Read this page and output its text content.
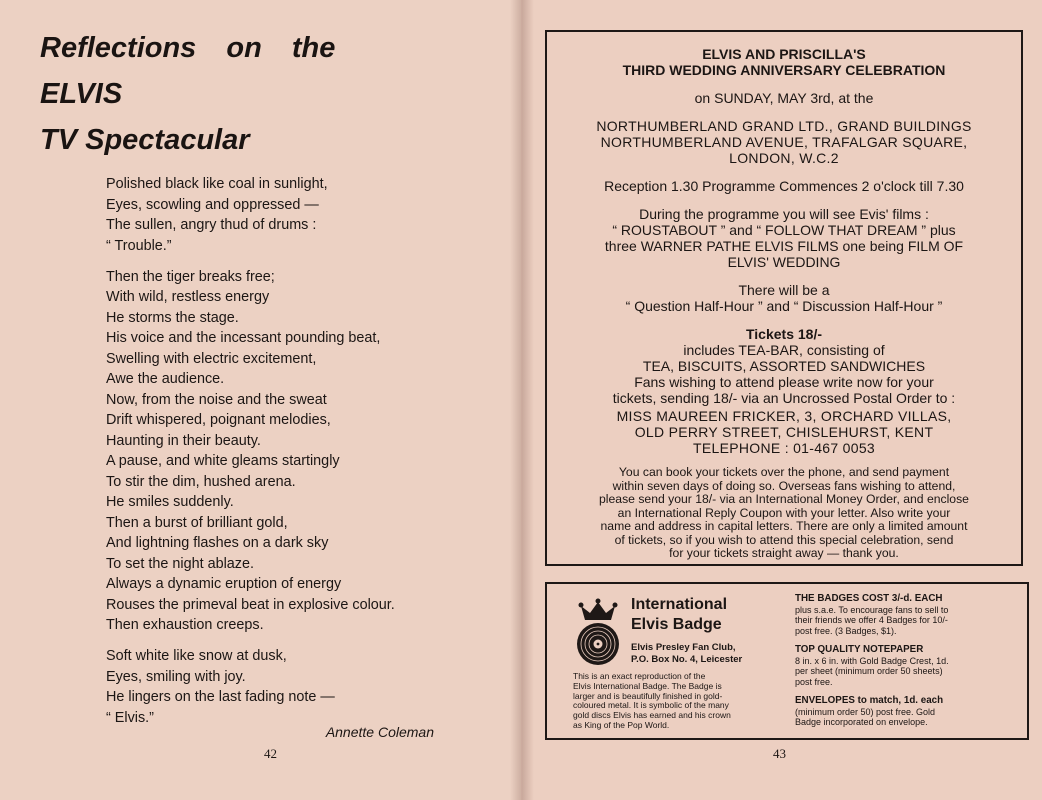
Reflections on the
ELVIS
TV Spectacular
Polished black like coal in sunlight,
Eyes, scowling and oppressed —
The sullen, angry thud of drums :
“ Trouble.”
Then the tiger breaks free;
With wild, restless energy
He storms the stage.
His voice and the incessant pounding beat,
Swelling with electric excitement,
Awe the audience.
Now, from the noise and the sweat
Drift whispered, poignant melodies,
Haunting in their beauty.
A pause, and white gleams startingly
To stir the dim, hushed arena.
He smiles suddenly.
Then a burst of brilliant gold,
And lightning flashes on a dark sky
To set the night ablaze.
Always a dynamic eruption of energy
Rouses the primeval beat in explosive colour.
Then exhaustion creeps.
Soft white like snow at dusk,
Eyes, smiling with joy.
He lingers on the last fading note —
“ Elvis.”
Annette Coleman
42
ELVIS AND PRISCILLA'S
THIRD WEDDING ANNIVERSARY CELEBRATION
on SUNDAY, MAY 3rd, at the
NORTHUMBERLAND GRAND LTD., GRAND BUILDINGS
NORTHUMBERLAND AVENUE, TRAFALGAR SQUARE,
LONDON, W.C.2
Reception 1.30 Programme Commences 2 o'clock till 7.30
During the programme you will see Evis' films :
“ ROUSTABOUT ” and “ FOLLOW THAT DREAM ” plus
three WARNER PATHE ELVIS FILMS one being FILM OF
ELVIS' WEDDING
There will be a
“ Question Half-Hour ” and “ Discussion Half-Hour ”
Tickets 18/-
includes TEA-BAR, consisting of
TEA, BISCUITS, ASSORTED SANDWICHES
Fans wishing to attend please write now for your
tickets, sending 18/- via an Uncrossed Postal Order to :
MISS MAUREEN FRICKER, 3, ORCHARD VILLAS,
OLD PERRY STREET, CHISLEHURST, KENT
TELEPHONE : 01-467 0053
You can book your tickets over the phone, and send payment
within seven days of doing so. Overseas fans wishing to attend,
please send your 18/- via an International Money Order, and enclose
an International Reply Coupon with your letter. Also write your
name and address in capital letters. There are only a limited amount
of tickets, so if you wish to attend this special celebration, send
for your tickets straight away — thank you.
International
Elvis Badge
Elvis Presley Fan Club,
P.O. Box No. 4, Leicester
This is an exact reproduction of the
Elvis International Badge. The Badge is
larger and is beautifully finished in gold-
coloured metal. It is symbolic of the many
gold discs Elvis has earned and his crown
as King of the Pop World.
THE BADGES COST 3/-d. EACH
plus s.a.e. To encourage fans to sell to
their friends we offer 4 Badges for 10/-
post free. (3 Badges, $1).
TOP QUALITY NOTEPAPER
8 in. x 6 in. with Gold Badge Crest, 1d.
per sheet (minimum order 50 sheets)
post free.
ENVELOPES to match, 1d. each
(minimum order 50) post free. Gold
Badge incorporated on envelope.
43
